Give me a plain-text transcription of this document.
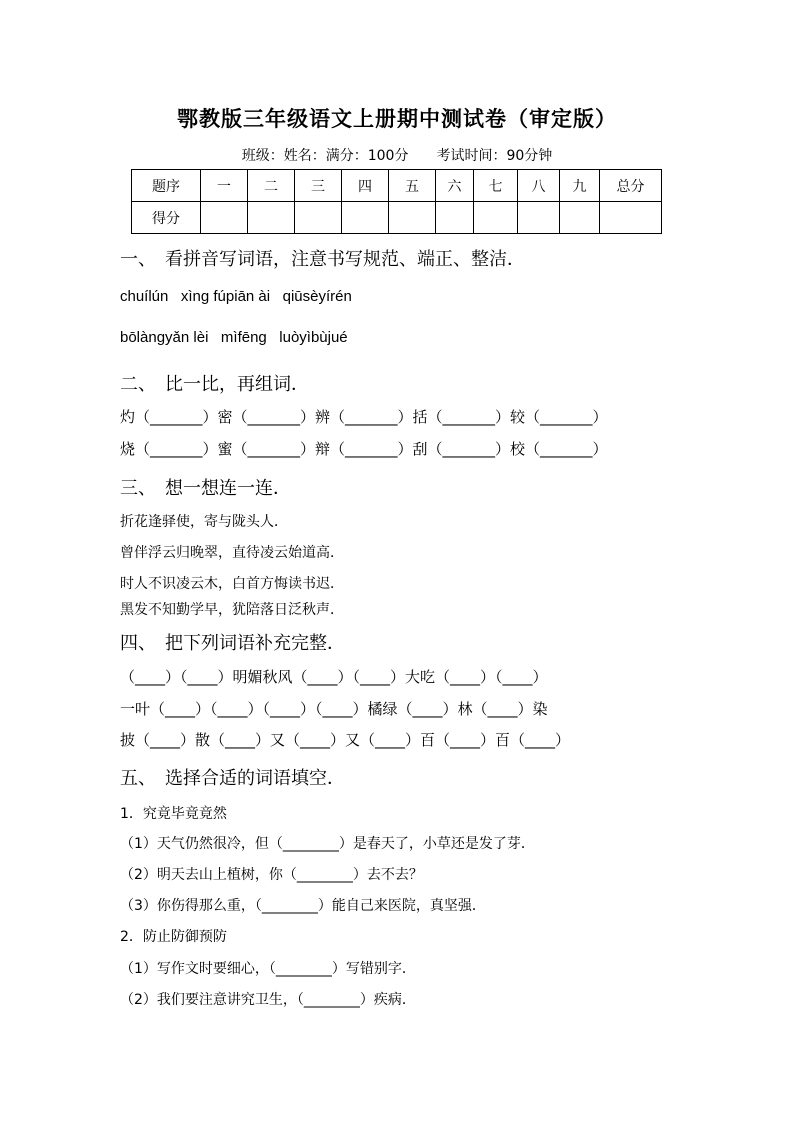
鄂教版三年级语文上册期中测试卷（审定版）
班级：姓名：满分：100分　　考试时间：90分钟
题序	一	二	三	四	五	六	七	八	九	总分
得分										
一、　看拼音写词语，注意书写规范、端正、整洁．
chuílún   xìng fúpiān ài   qiūsèyírén
bōlàngyǎn lèi   mìfēng   luòyìbùjué
二、　比一比，再组词．
灼（_______）密（_______）辨（_______）括（_______）较（_______）
烧（_______）蜜（_______）辩（_______）刮（_______）校（_______）
三、　想一想连一连．
折花逢驿使，寄与陇头人．
曾伴浮云归晚翠，直待凌云始道高．
时人不识凌云木，白首方悔读书迟．
黑发不知勤学早，犹陪落日泛秋声．
四、　把下列词语补充完整．
（____）（____）明媚秋风（____）（____）大吃（____）（____）
一叶（____）（____）（____）（____）橘绿（____）林（____）染
披（____）散（____）又（____）又（____）百（____）百（____）
五、　选择合适的词语填空．
1．究竟毕竟竟然
（1）天气仍然很冷，但（________）是春天了，小草还是发了芽．
（2）明天去山上植树，你（________）去不去？
（3）你伤得那么重，（________）能自己来医院，真坚强．
2．防止防御预防
（1）写作文时要细心，（________）写错别字．
（2）我们要注意讲究卫生，（________）疾病．
